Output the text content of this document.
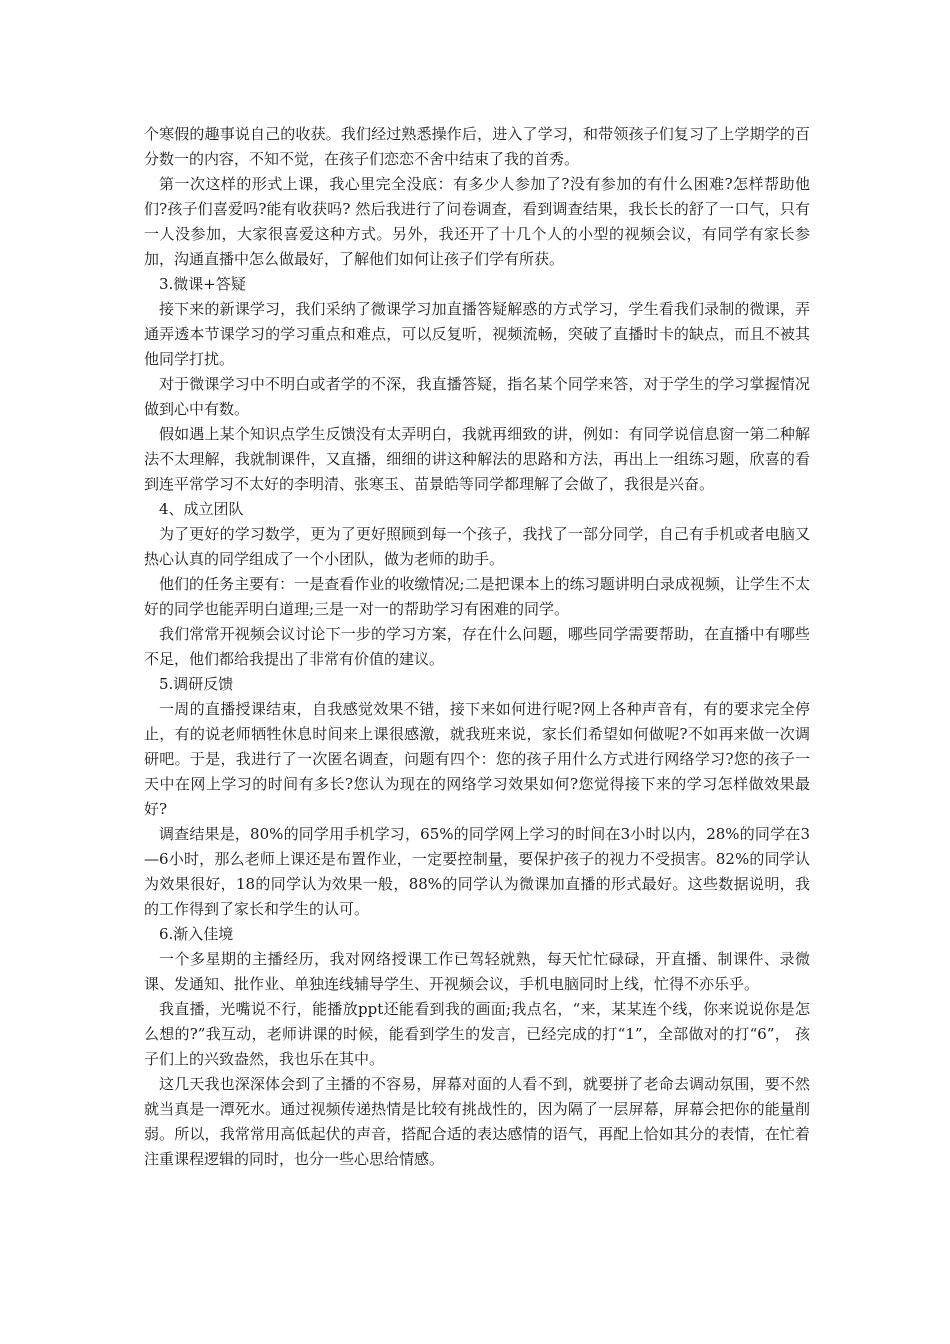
个寒假的趣事说自己的收获。我们经过熟悉操作后，进入了学习，和带领孩子们复习了上学期学的百分数一的内容，不知不觉，在孩子们恋恋不舍中结束了我的首秀。

第一次这样的形式上课，我心里完全没底：有多少人参加了?没有参加的有什么困难?怎样帮助他们?孩子们喜爱吗?能有收获吗? 然后我进行了问卷调查，看到调查结果，我长长的舒了一口气，只有一人没参加，大家很喜爱这种方式。另外，我还开了十几个人的小型的视频会议，有同学有家长参加，沟通直播中怎么做最好，了解他们如何让孩子们学有所获。

3.微课+答疑

接下来的新课学习，我们采纳了微课学习加直播答疑解惑的方式学习，学生看我们录制的微课，弄通弄透本节课学习的学习重点和难点，可以反复听，视频流畅，突破了直播时卡的缺点，而且不被其他同学打扰。

对于微课学习中不明白或者学的不深，我直播答疑，指名某个同学来答，对于学生的学习掌握情况做到心中有数。

假如遇上某个知识点学生反馈没有太弄明白，我就再细致的讲，例如：有同学说信息窗一第二种解法不太理解，我就制课件，又直播，细细的讲这种解法的思路和方法，再出上一组练习题，欣喜的看到连平常学习不太好的李明清、张寒玉、苗景皓等同学都理解了会做了，我很是兴奋。

4、成立团队

为了更好的学习数学，更为了更好照顾到每一个孩子，我找了一部分同学，自己有手机或者电脑又热心认真的同学组成了一个小团队，做为老师的助手。

他们的任务主要有：一是查看作业的收缴情况;二是把课本上的练习题讲明白录成视频，让学生不太好的同学也能弄明白道理;三是一对一的帮助学习有困难的同学。

我们常常开视频会议讨论下一步的学习方案，存在什么问题，哪些同学需要帮助，在直播中有哪些不足，他们都给我提出了非常有价值的建议。

5.调研反馈

一周的直播授课结束，自我感觉效果不错，接下来如何进行呢?网上各种声音有，有的要求完全停止，有的说老师牺牲休息时间来上课很感激，就我班来说，家长们希望如何做呢?不如再来做一次调研吧。于是，我进行了一次匿名调查，问题有四个：您的孩子用什么方式进行网络学习?您的孩子一天中在网上学习的时间有多长?您认为现在的网络学习效果如何?您觉得接下来的学习怎样做效果最好?

调查结果是，80%的同学用手机学习，65%的同学网上学习的时间在3小时以内，28%的同学在3—6小时，那么老师上课还是布置作业，一定要控制量，要保护孩子的视力不受损害。82%的同学认为效果很好，18的同学认为效果一般，88%的同学认为微课加直播的形式最好。这些数据说明，我的工作得到了家长和学生的认可。

6.渐入佳境

一个多星期的主播经历，我对网络授课工作已驾轻就熟，每天忙忙碌碌，开直播、制课件、录微课、发通知、批作业、单独连线辅导学生、开视频会议，手机电脑同时上线，忙得不亦乐乎。

我直播，光嘴说不行，能播放ppt还能看到我的画面;我点名，“来，某某连个线，你来说说你是怎么想的?”我互动，老师讲课的时候，能看到学生的发言，已经完成的打“1”，全部做对的打“6”， 孩子们上的兴致盎然，我也乐在其中。

这几天我也深深体会到了主播的不容易，屏幕对面的人看不到，就要拼了老命去调动氛围，要不然就当真是一潭死水。通过视频传递热情是比较有挑战性的，因为隔了一层屏幕，屏幕会把你的能量削弱。所以，我常常用高低起伏的声音，搭配合适的表达感情的语气，再配上恰如其分的表情，在忙着注重课程逻辑的同时，也分一些心思给情感。
